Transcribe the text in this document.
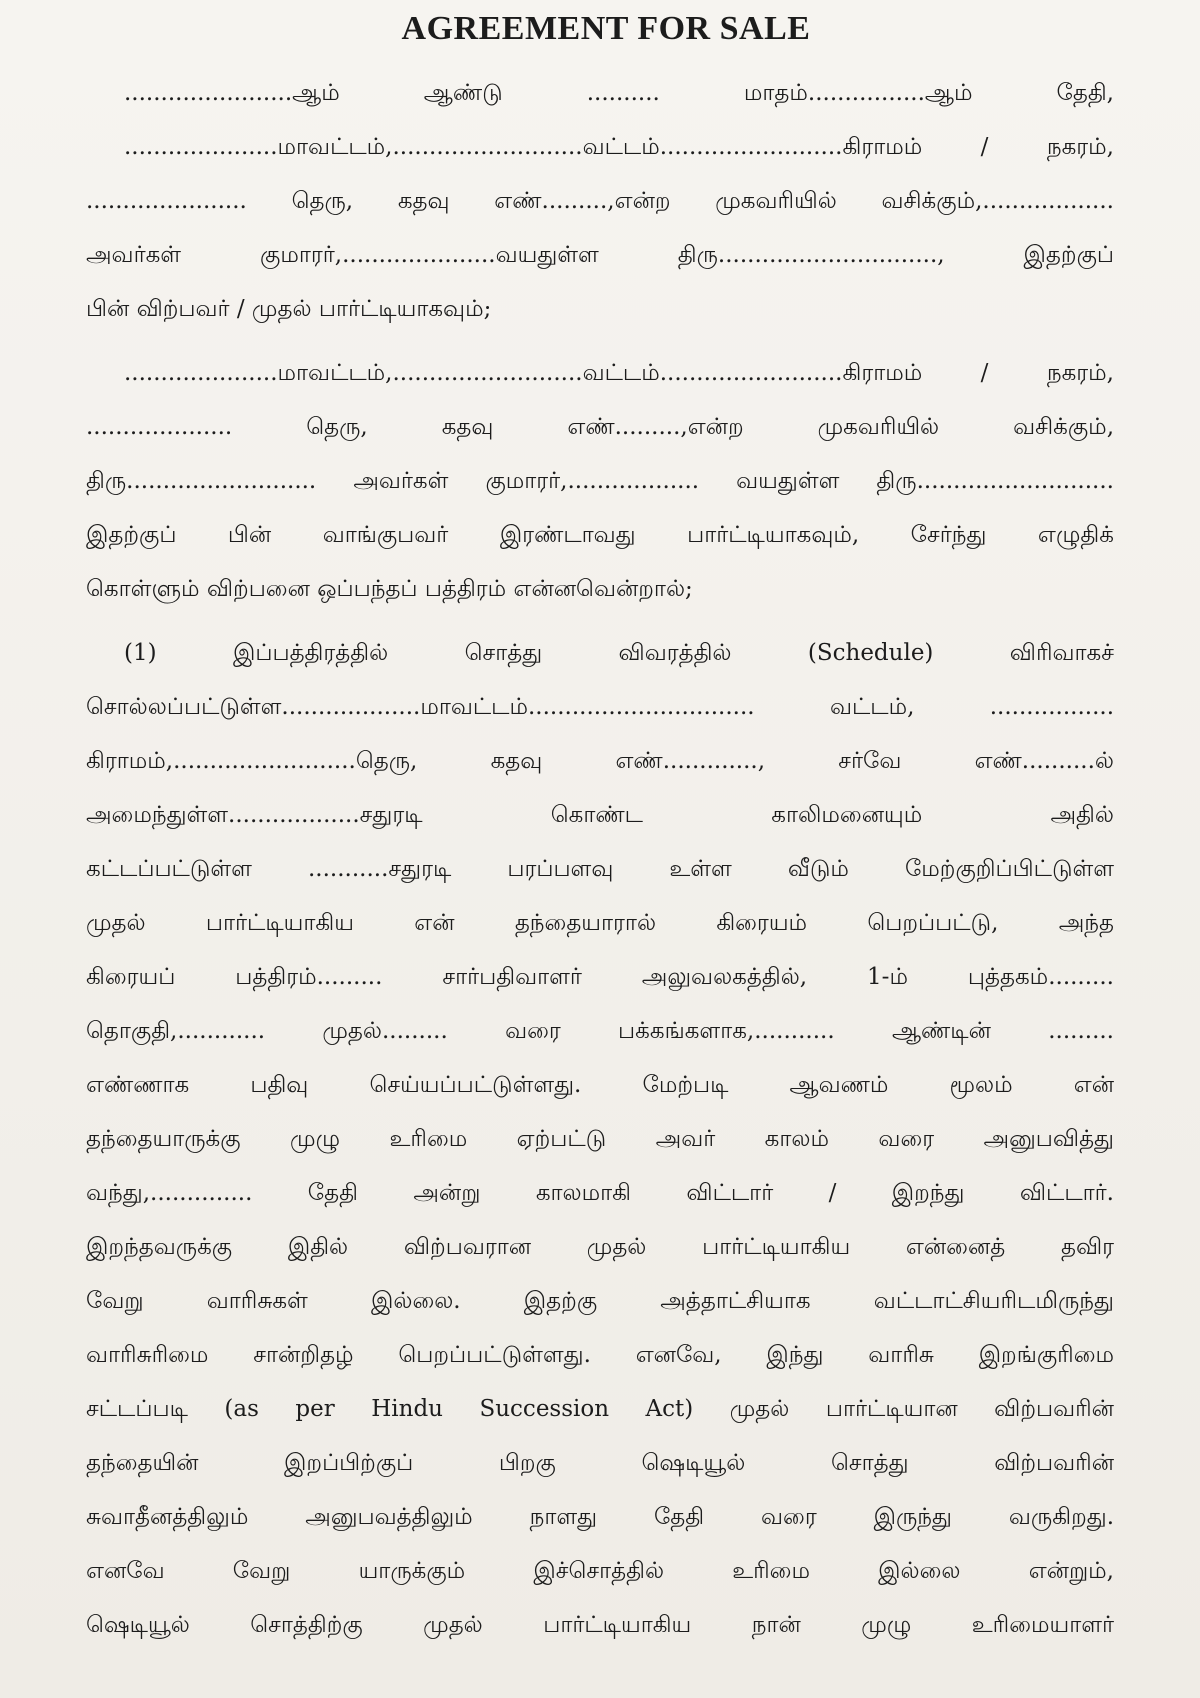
AGREEMENT FOR SALE
.......................ஆம் ஆண்டு .......... மாதம்................ஆம் தேதி,
.....................மாவட்டம்,..........................வட்டம்.........................கிராமம் / நகரம்,
...................... தெரு, கதவு எண்.........,என்ற முகவரியில் வசிக்கும்,..................
அவர்கள் குமாரர்,.....................வயதுள்ள திரு.............................., இதற்குப்
பின் விற்பவர் / முதல் பார்ட்டியாகவும்;
.....................மாவட்டம்,..........................வட்டம்.........................கிராமம் / நகரம்,
.................... தெரு, கதவு எண்.........,என்ற முகவரியில் வசிக்கும்,
திரு.......................... அவர்கள் குமாரர்,.................. வயதுள்ள திரு...........................
இதற்குப் பின் வாங்குபவர் இரண்டாவது பார்ட்டியாகவும், சேர்ந்து எழுதிக்
கொள்ளும் விற்பனை ஒப்பந்தப் பத்திரம் என்னவென்றால்;
(1) இப்பத்திரத்தில் சொத்து விவரத்தில் (Schedule) விரிவாகச்
சொல்லப்பட்டுள்ள...................மாவட்டம்............................... வட்டம், .................
கிராமம்,.........................தெரு, கதவு எண்............., சர்வே எண்..........ல்
அமைந்துள்ள..................சதுரடி கொண்ட காலிமனையும் அதில்
கட்டப்பட்டுள்ள ...........சதுரடி பரப்பளவு உள்ள வீடும் மேற்குறிப்பிட்டுள்ள
முதல் பார்ட்டியாகிய என் தந்தையாரால் கிரையம் பெறப்பட்டு, அந்த
கிரையப் பத்திரம்......... சார்பதிவாளர் அலுவலகத்தில், 1-ம் புத்தகம்.........
தொகுதி,............ முதல்......... வரை பக்கங்களாக,........... ஆண்டின் .........
எண்ணாக பதிவு செய்யப்பட்டுள்ளது. மேற்படி ஆவணம் மூலம் என்
தந்தையாருக்கு முழு உரிமை ஏற்பட்டு அவர் காலம் வரை அனுபவித்து
வந்து,.............. தேதி அன்று காலமாகி விட்டார் / இறந்து விட்டார்.
இறந்தவருக்கு இதில் விற்பவரான முதல் பார்ட்டியாகிய என்னைத் தவிர
வேறு வாரிசுகள் இல்லை. இதற்கு அத்தாட்சியாக வட்டாட்சியரிடமிருந்து
வாரிசுரிமை சான்றிதழ் பெறப்பட்டுள்ளது. எனவே, இந்து வாரிசு இறங்குரிமை
சட்டப்படி (as per Hindu Succession Act) முதல் பார்ட்டியான விற்பவரின்
தந்தையின் இறப்பிற்குப் பிறகு ஷெடியூல் சொத்து விற்பவரின்
சுவாதீனத்திலும் அனுபவத்திலும் நாளது தேதி வரை இருந்து வருகிறது.
எனவே வேறு யாருக்கும் இச்சொத்தில் உரிமை இல்லை என்றும்,
ஷெடியூல் சொத்திற்கு முதல் பார்ட்டியாகிய நான் முழு உரிமையாளர்
